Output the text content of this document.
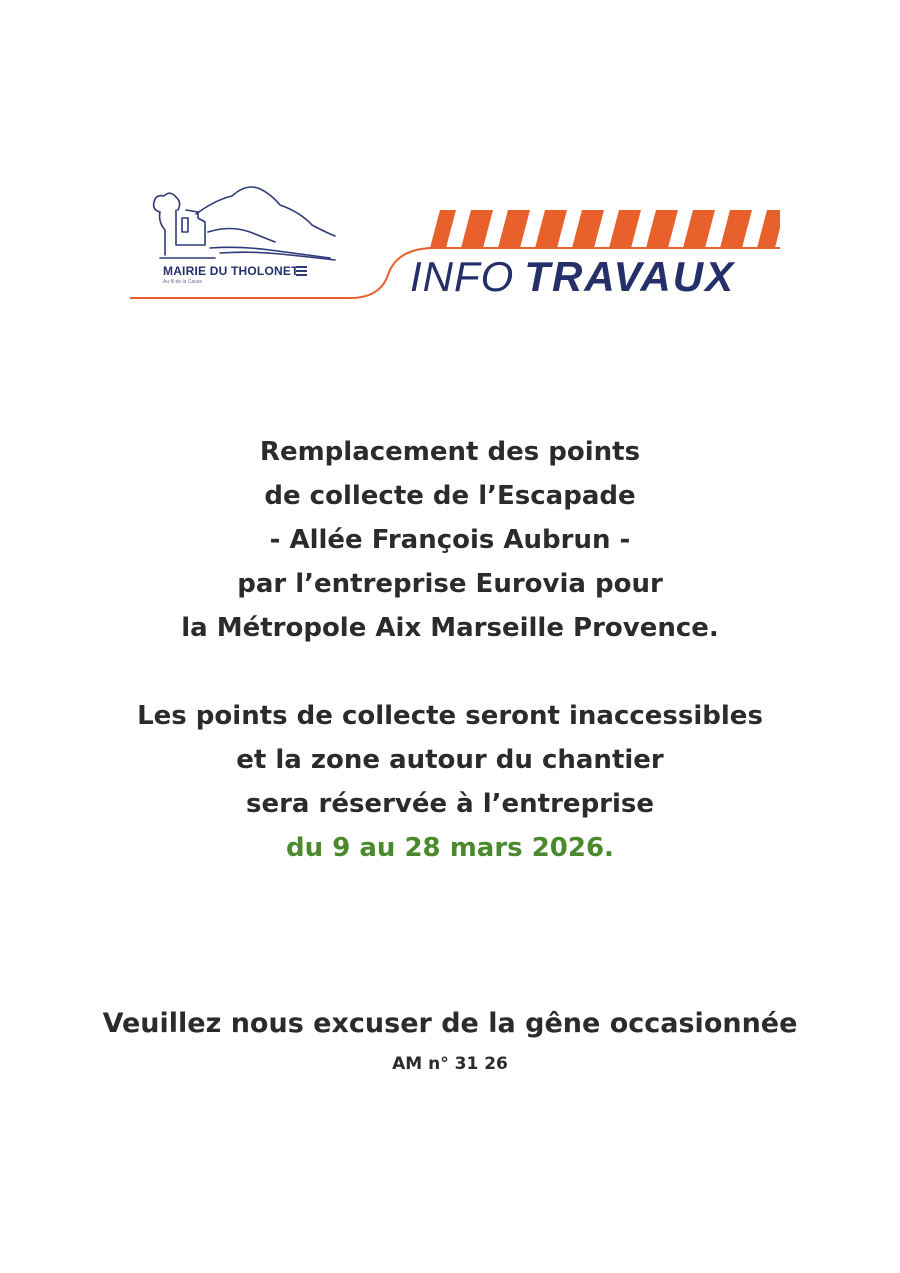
MAIRIE DU THOLONET
Au fil de la Cause	INFO TRAVAUX

Remplacement des points

de collecte de l’Escapade

- Allée François Aubrun -

par l’entreprise Eurovia pour

la Métropole Aix Marseille Provence.

Les points de collecte seront inaccessibles

et la zone autour du chantier

sera réservée à l’entreprise

du 9 au 28 mars 2026.

Veuillez nous excuser de la gêne occasionnée
AM n° 31 26
